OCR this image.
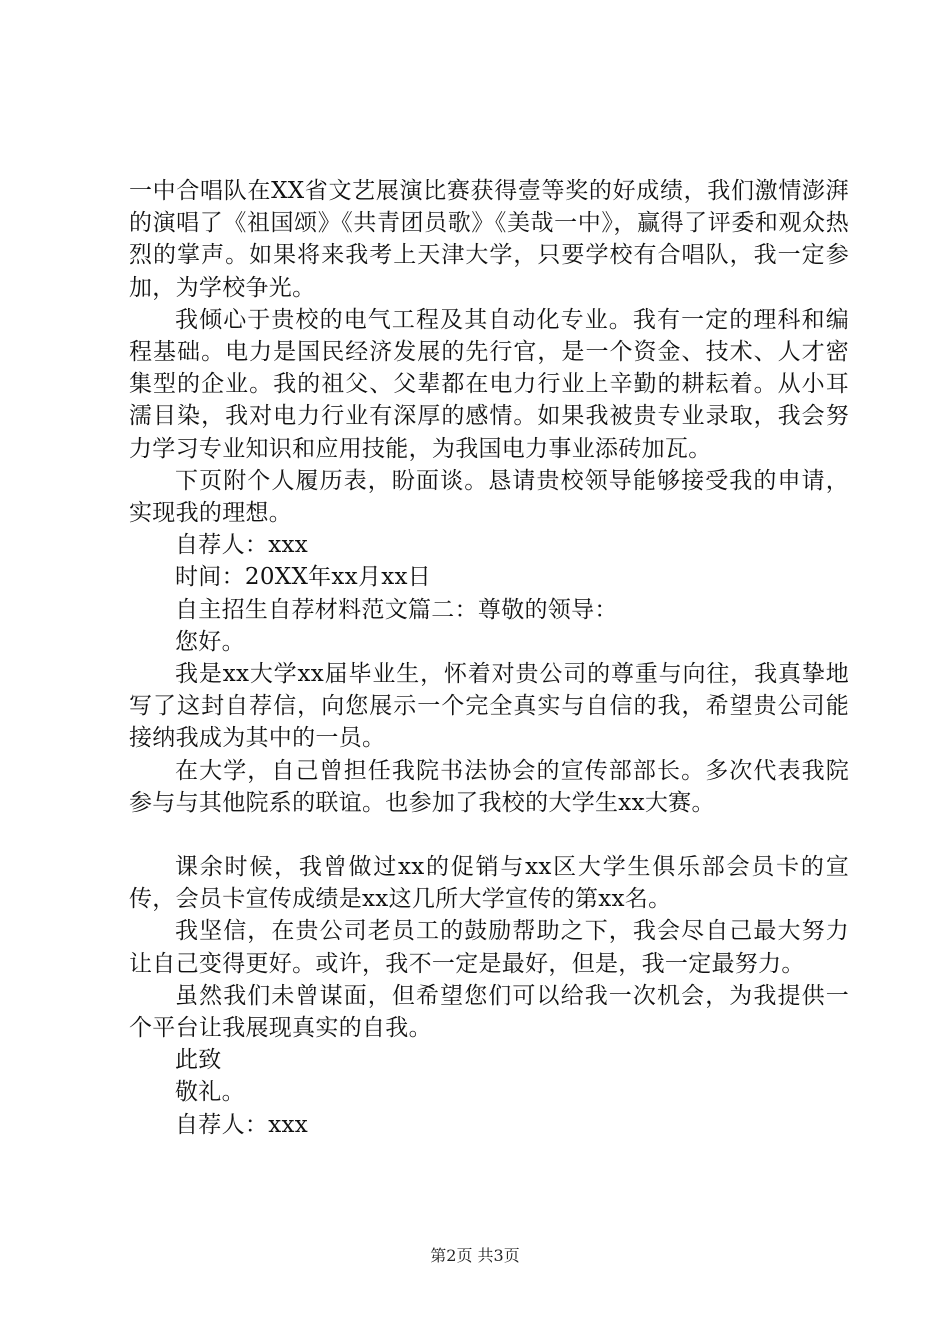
一中合唱队在XX省文艺展演比赛获得壹等奖的好成绩，我们激情澎湃的演唱了《祖国颂》《共青团员歌》《美哉一中》，赢得了评委和观众热烈的掌声。如果将来我考上天津大学，只要学校有合唱队，我一定参加，为学校争光。

我倾心于贵校的电气工程及其自动化专业。我有一定的理科和编程基础。电力是国民经济发展的先行官，是一个资金、技术、人才密集型的企业。我的祖父、父辈都在电力行业上辛勤的耕耘着。从小耳濡目染，我对电力行业有深厚的感情。如果我被贵专业录取，我会努力学习专业知识和应用技能，为我国电力事业添砖加瓦。

下页附个人履历表，盼面谈。恳请贵校领导能够接受我的申请，实现我的理想。

自荐人：xxx

时间：20XX年xx月xx日

自主招生自荐材料范文篇二：尊敬的领导：

您好。

我是xx大学xx届毕业生，怀着对贵公司的尊重与向往，我真挚地写了这封自荐信，向您展示一个完全真实与自信的我，希望贵公司能接纳我成为其中的一员。

在大学，自己曾担任我院书法协会的宣传部部长。多次代表我院参与与其他院系的联谊。也参加了我校的大学生xx大赛。

课余时候，我曾做过xx的促销与xx区大学生俱乐部会员卡的宣传，会员卡宣传成绩是xx这几所大学宣传的第xx名。

我坚信，在贵公司老员工的鼓励帮助之下，我会尽自己最大努力让自己变得更好。或许，我不一定是最好，但是，我一定最努力。

虽然我们未曾谋面，但希望您们可以给我一次机会，为我提供一个平台让我展现真实的自我。

此致

敬礼。

自荐人：xxx

第2页 共3页
